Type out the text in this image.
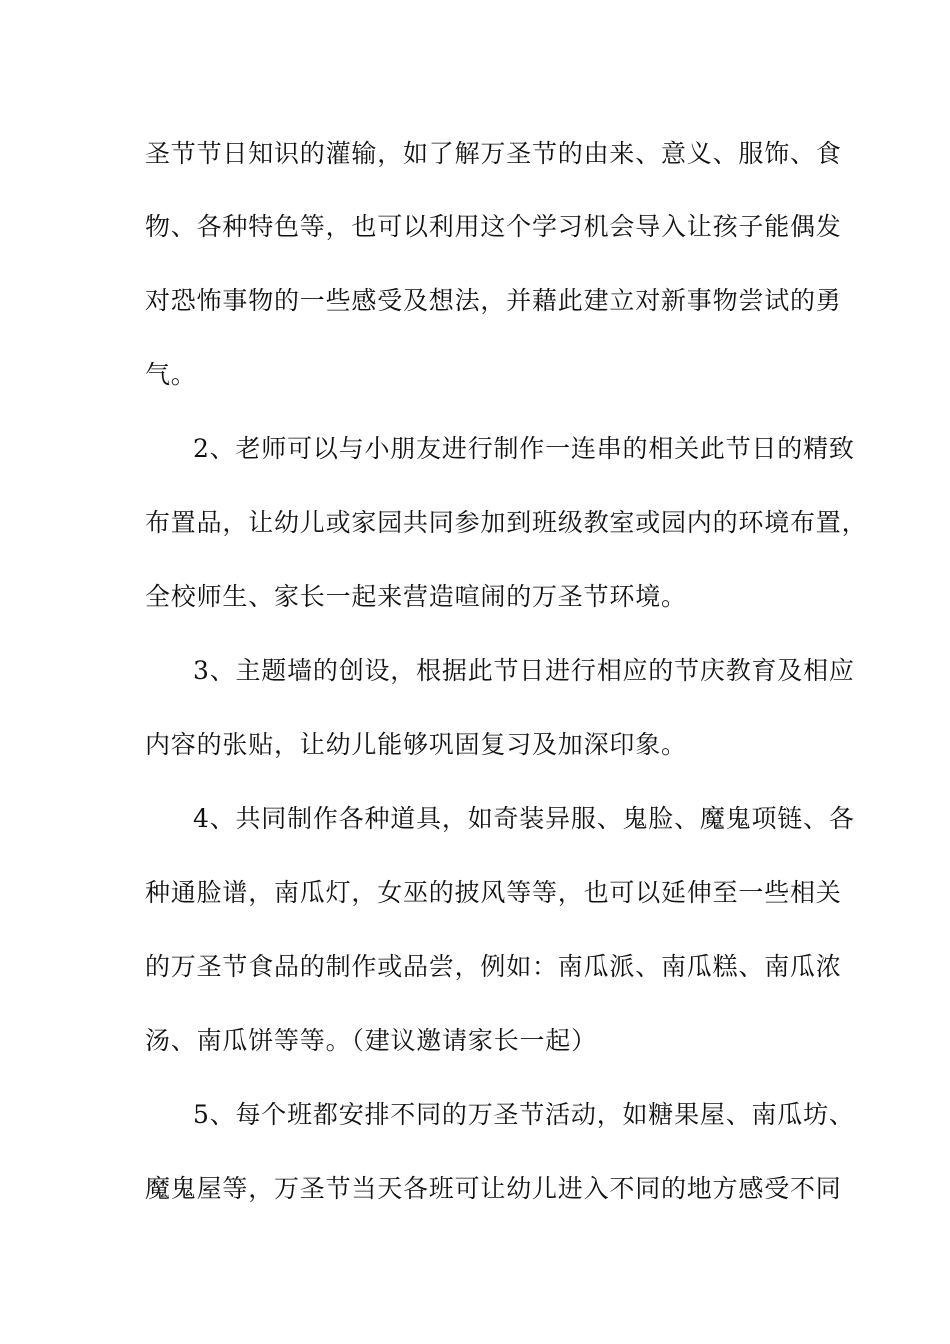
圣节节日知识的灌输，如了解万圣节的由来、意义、服饰、食
物、各种特色等，也可以利用这个学习机会导入让孩子能偶发
对恐怖事物的一些感受及想法，并藉此建立对新事物尝试的勇
气。
2、老师可以与小朋友进行制作一连串的相关此节日的精致
布置品，让幼儿或家园共同参加到班级教室或园内的环境布置，
全校师生、家长一起来营造喧闹的万圣节环境。
3、主题墙的创设，根据此节日进行相应的节庆教育及相应
内容的张贴，让幼儿能够巩固复习及加深印象。
4、共同制作各种道具，如奇装异服、鬼脸、魔鬼项链、各
种通脸谱，南瓜灯，女巫的披风等等，也可以延伸至一些相关
的万圣节食品的制作或品尝，例如：南瓜派、南瓜糕、南瓜浓
汤、南瓜饼等等。（建议邀请家长一起）
5、每个班都安排不同的万圣节活动，如糖果屋、南瓜坊、
魔鬼屋等，万圣节当天各班可让幼儿进入不同的地方感受不同
